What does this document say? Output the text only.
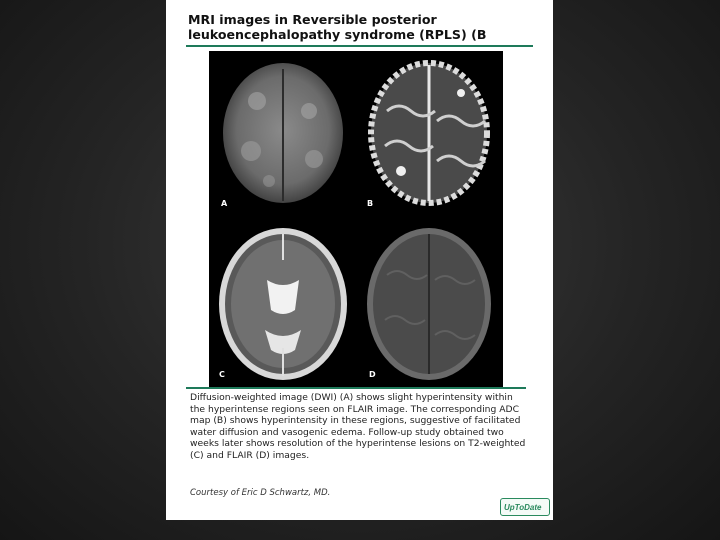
MRI images in Reversible posterior leukoencephalopathy syndrome (RPLS) (B
A	B
C	D
Diffusion-weighted image (DWI) (A) shows slight hyperintensity within the hyperintense regions seen on FLAIR image. The corresponding ADC map (B) shows hyperintensity in these regions, suggestive of facilitated water diffusion and vasogenic edema. Follow-up study obtained two weeks later shows resolution of the hyperintense lesions on T2-weighted (C) and FLAIR (D) images.
Courtesy of Eric D Schwartz, MD.
UpToDate
